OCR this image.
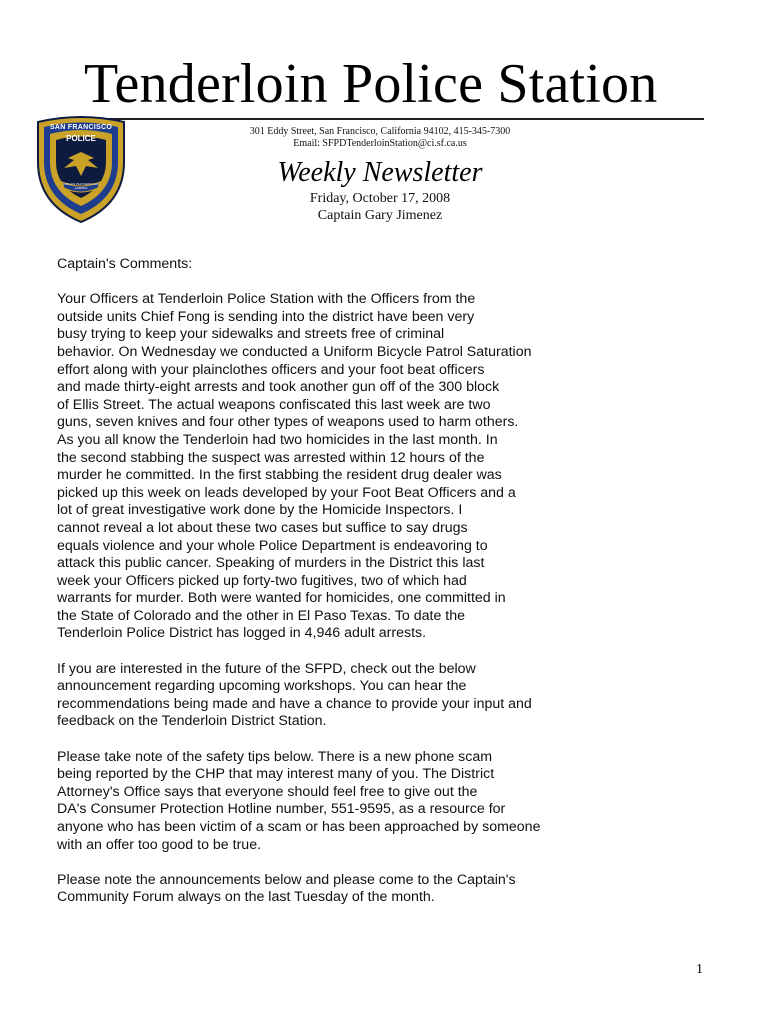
Tenderloin Police Station
SAN FRANCISCO
POLICE
ORO EN PAZ FIERRO EN GUERRA
301 Eddy Street, San Francisco, California 94102, 415-345-7300
Email: SFPDTenderloinStation@ci.sf.ca.us
Weekly Newsletter
Friday, October 17, 2008
Captain Gary Jimenez

Captain's Comments:

Your Officers at Tenderloin Police Station with the Officers from the
outside units Chief Fong is sending into the district have been very
busy trying to keep your sidewalks and streets free of criminal
behavior. On Wednesday we conducted a Uniform Bicycle Patrol Saturation
effort along with your plainclothes officers and your foot beat officers
and made thirty-eight arrests and took another gun off of the 300 block
of Ellis Street. The actual weapons confiscated this last week are two
guns, seven knives and four other types of weapons used to harm others.
As you all know the Tenderloin had two homicides in the last month. In
the second stabbing the suspect was arrested within 12 hours of the
murder he committed. In the first stabbing the resident drug dealer was
picked up this week on leads developed by your Foot Beat Officers and a
lot of great investigative work done by the Homicide Inspectors. I
cannot reveal a lot about these two cases but suffice to say drugs
equals violence and your whole Police Department is endeavoring to
attack this public cancer. Speaking of murders in the District this last
week your Officers picked up forty-two fugitives, two of which had
warrants for murder. Both were wanted for homicides, one committed in
the State of Colorado and the other in El Paso Texas. To date the
Tenderloin Police District has logged in 4,946 adult arrests.

If you are interested in the future of the SFPD, check out the below
announcement regarding upcoming workshops. You can hear the
recommendations being made and have a chance to provide your input and
feedback on the Tenderloin District Station.

Please take note of the safety tips below. There is a new phone scam
being reported by the CHP that may interest many of you. The District
Attorney's Office says that everyone should feel free to give out the
DA's Consumer Protection Hotline number, 551-9595, as a resource for
anyone who has been victim of a scam or has been approached by someone
with an offer too good to be true.

Please note the announcements below and please come to the Captain's
Community Forum always on the last Tuesday of the month.

1
